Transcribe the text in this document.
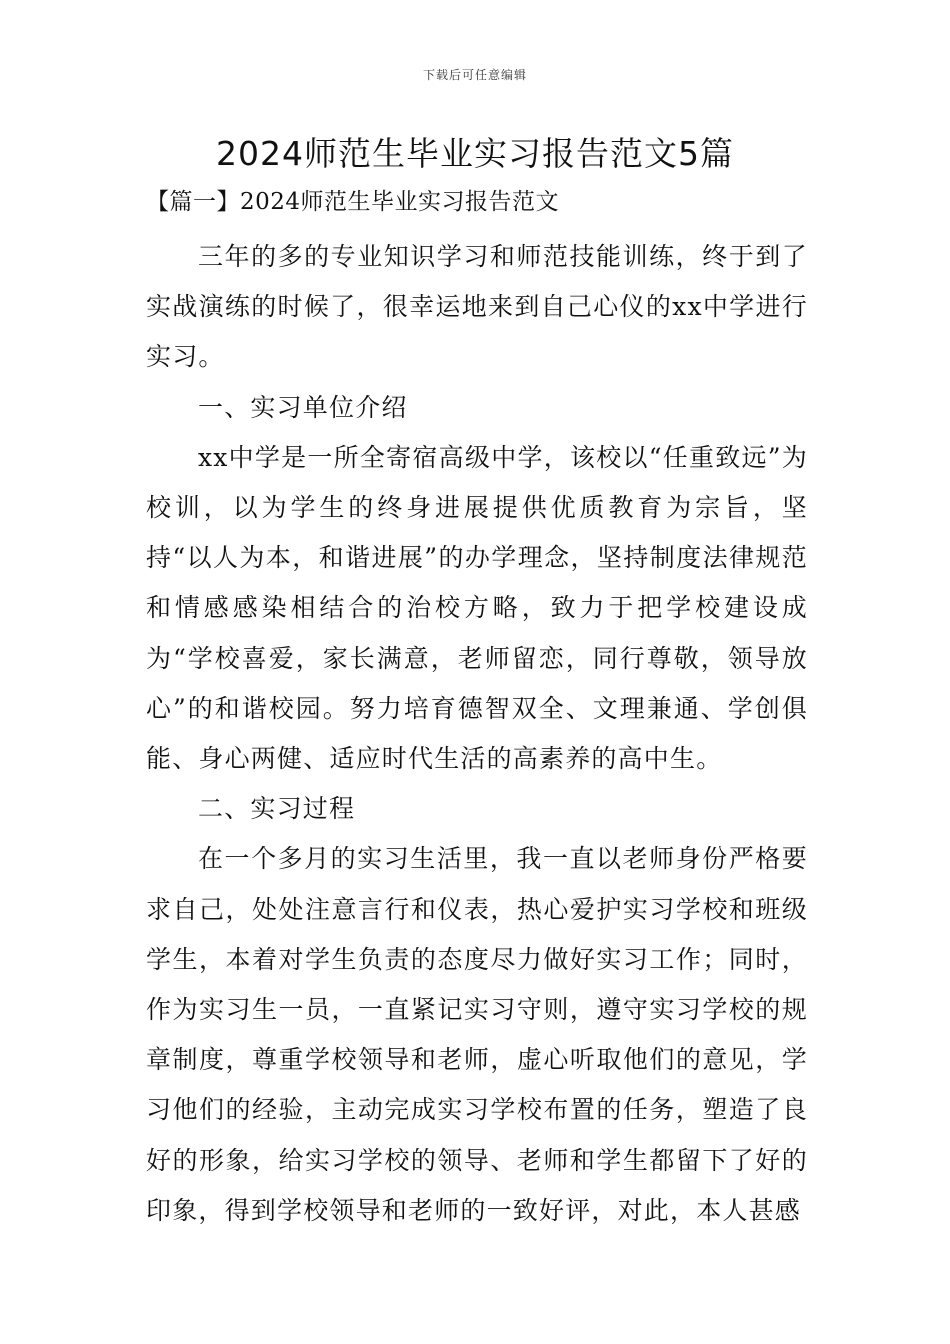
下载后可任意编辑
2024师范生毕业实习报告范文5篇
【篇一】2024师范生毕业实习报告范文

三年的多的专业知识学习和师范技能训练，终于到了实战演练的时候了，很幸运地来到自己心仪的xx中学进行实习。

一、实习单位介绍

xx中学是一所全寄宿高级中学，该校以“任重致远”为校训，以为学生的终身进展提供优质教育为宗旨，坚持“以人为本，和谐进展”的办学理念，坚持制度法律规范和情感感染相结合的治校方略，致力于把学校建设成为“学校喜爱，家长满意，老师留恋，同行尊敬，领导放心”的和谐校园。努力培育德智双全、文理兼通、学创俱能、身心两健、适应时代生活的高素养的高中生。

二、实习过程

在一个多月的实习生活里，我一直以老师身份严格要求自己，处处注意言行和仪表，热心爱护实习学校和班级学生，本着对学生负责的态度尽力做好实习工作；同时，作为实习生一员，一直紧记实习守则，遵守实习学校的规章制度，尊重学校领导和老师，虚心听取他们的意见，学习他们的经验，主动完成实习学校布置的任务，塑造了良好的形象，给实习学校的领导、老师和学生都留下了好的印象，得到学校领导和老师的一致好评，对此，本人甚感
